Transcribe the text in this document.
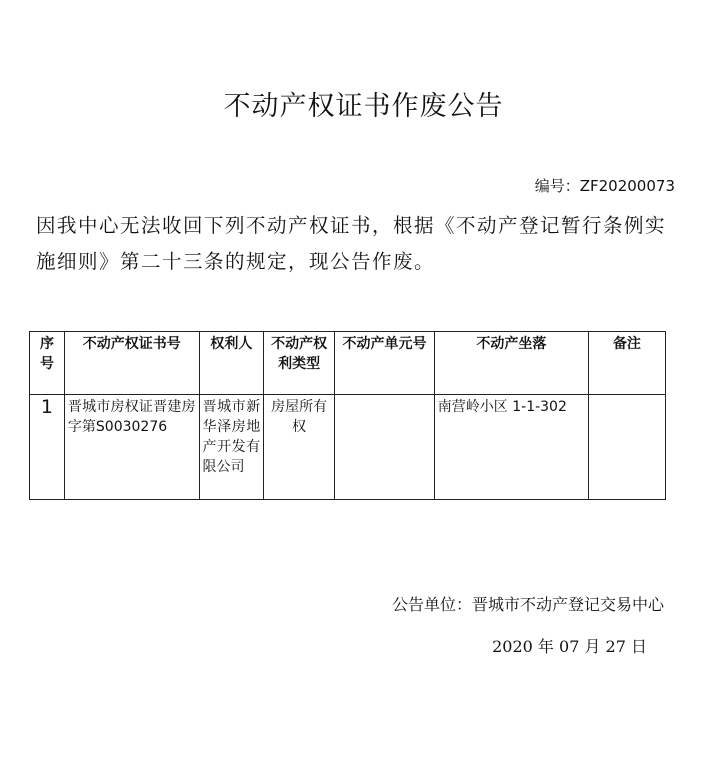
不动产权证书作废公告
编号：ZF20200073

因我中心无法收回下列不动产权证书，根据《不动产登记暂行条例实施细则》第二十三条的规定，现公告作废。

序号	不动产权证书号	权利人	不动产权利类型	不动产单元号	不动产坐落	备注
1	晋城市房权证晋建房字第S0030276	晋城市新华泽房地产开发有限公司	房屋所有权		南营岭小区 1-1-302	
公告单位：晋城市不动产登记交易中心
2020 年 07 月 27 日
